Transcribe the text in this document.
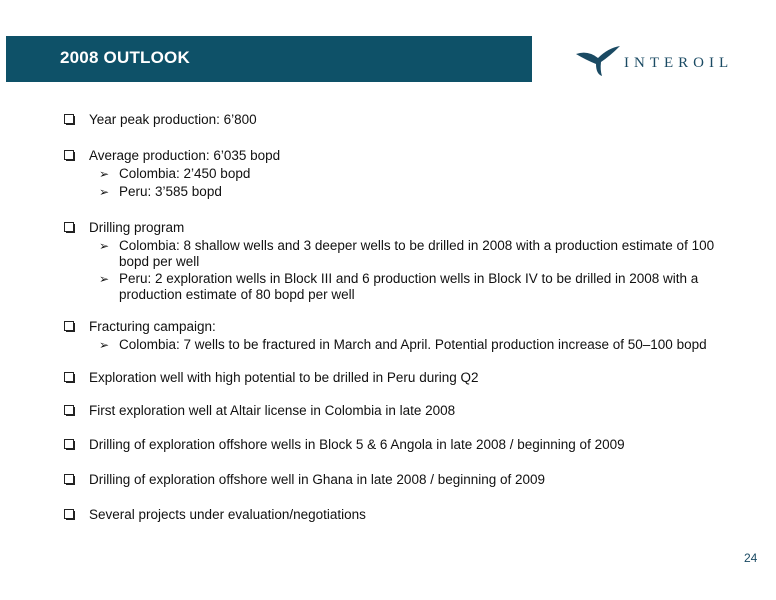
2008 OUTLOOK	INTEROIL
Year peak production: 6’800
Average production: 6’035 bopd
➢ Colombia: 2’450 bopd
➢ Peru: 3’585 bopd
Drilling program
➢ Colombia: 8 shallow wells and 3 deeper wells to be drilled in 2008 with a production estimate of 100 bopd per well
➢ Peru: 2 exploration wells in Block III and 6 production wells in Block IV to be drilled in 2008 with a production estimate of 80 bopd per well
Fracturing campaign:
➢ Colombia: 7 wells to be fractured in March and April. Potential production increase of 50–100 bopd
Exploration well with high potential to be drilled in Peru during Q2
First exploration well at Altair license in Colombia in late 2008
Drilling of exploration offshore wells in Block 5 & 6 Angola in late 2008 / beginning of 2009
Drilling of exploration offshore well in Ghana in late 2008 / beginning of 2009
Several projects under evaluation/negotiations
24
